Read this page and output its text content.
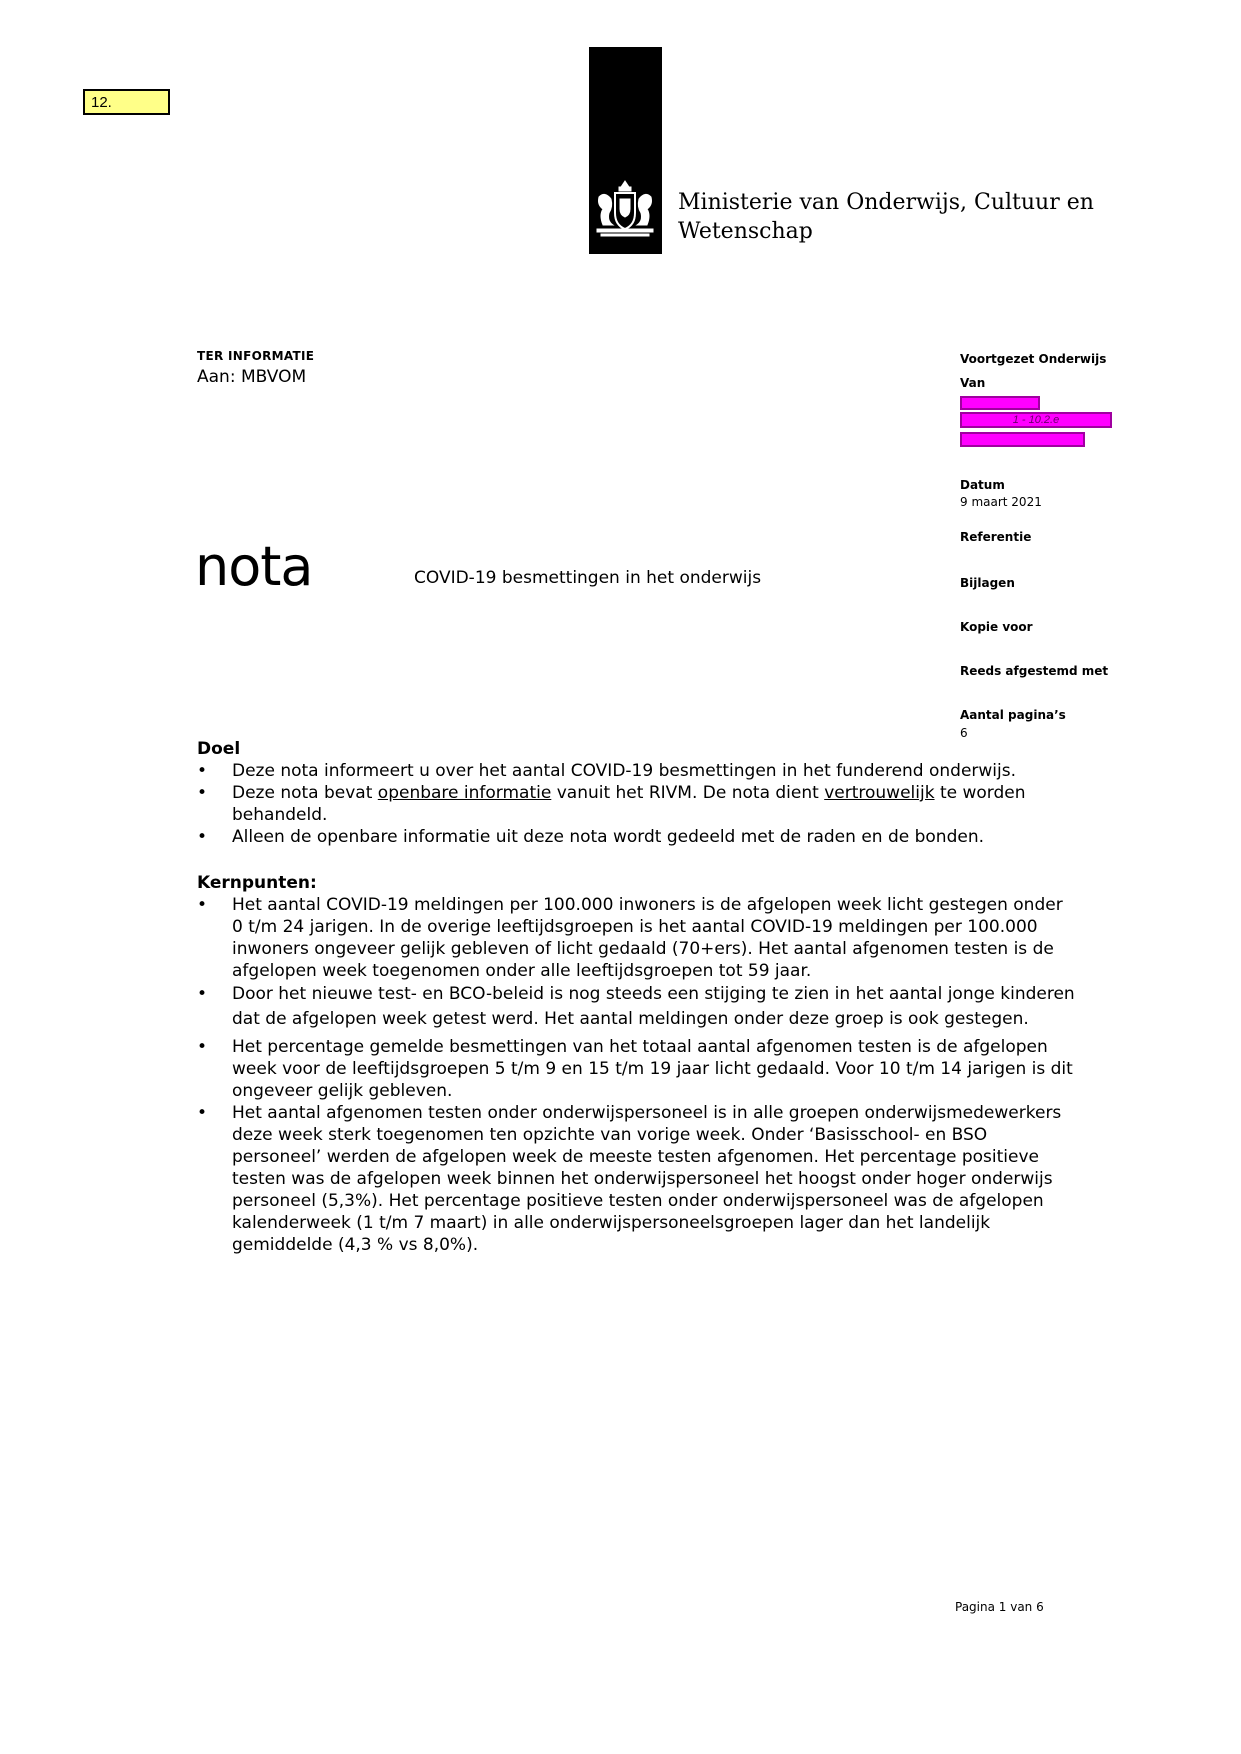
12.
Ministerie van Onderwijs, Cultuur en
Wetenschap
TER INFORMATIE
Aan: MBVOM
nota	COVID-19 besmettingen in het onderwijs
Voortgezet Onderwijs
Van
1 - 10.2.e
Datum
9 maart 2021
Referentie
Bijlagen
Kopie voor
Reeds afgestemd met
Aantal pagina’s
6
Doel
• Deze nota informeert u over het aantal COVID-19 besmettingen in het funderend onderwijs.
• Deze nota bevat openbare informatie vanuit het RIVM. De nota dient vertrouwelijk te worden behandeld.
• Alleen de openbare informatie uit deze nota wordt gedeeld met de raden en de bonden.
Kernpunten:
• Het aantal COVID-19 meldingen per 100.000 inwoners is de afgelopen week licht gestegen onder 0 t/m 24 jarigen. In de overige leeftijdsgroepen is het aantal COVID-19 meldingen per 100.000 inwoners ongeveer gelijk gebleven of licht gedaald (70+ers). Het aantal afgenomen testen is de afgelopen week toegenomen onder alle leeftijdsgroepen tot 59 jaar.
• Door het nieuwe test- en BCO-beleid is nog steeds een stijging te zien in het aantal jonge kinderen dat de afgelopen week getest werd. Het aantal meldingen onder deze groep is ook gestegen.
• Het percentage gemelde besmettingen van het totaal aantal afgenomen testen is de afgelopen week voor de leeftijdsgroepen 5 t/m 9 en 15 t/m 19 jaar licht gedaald. Voor 10 t/m 14 jarigen is dit ongeveer gelijk gebleven.
• Het aantal afgenomen testen onder onderwijspersoneel is in alle groepen onderwijsmedewerkers deze week sterk toegenomen ten opzichte van vorige week. Onder ‘Basisschool- en BSO personeel’ werden de afgelopen week de meeste testen afgenomen. Het percentage positieve testen was de afgelopen week binnen het onderwijspersoneel het hoogst onder hoger onderwijs personeel (5,3%). Het percentage positieve testen onder onderwijspersoneel was de afgelopen kalenderweek (1 t/m 7 maart) in alle onderwijspersoneelsgroepen lager dan het landelijk gemiddelde (4,3 % vs 8,0%).
Pagina 1 van 6
